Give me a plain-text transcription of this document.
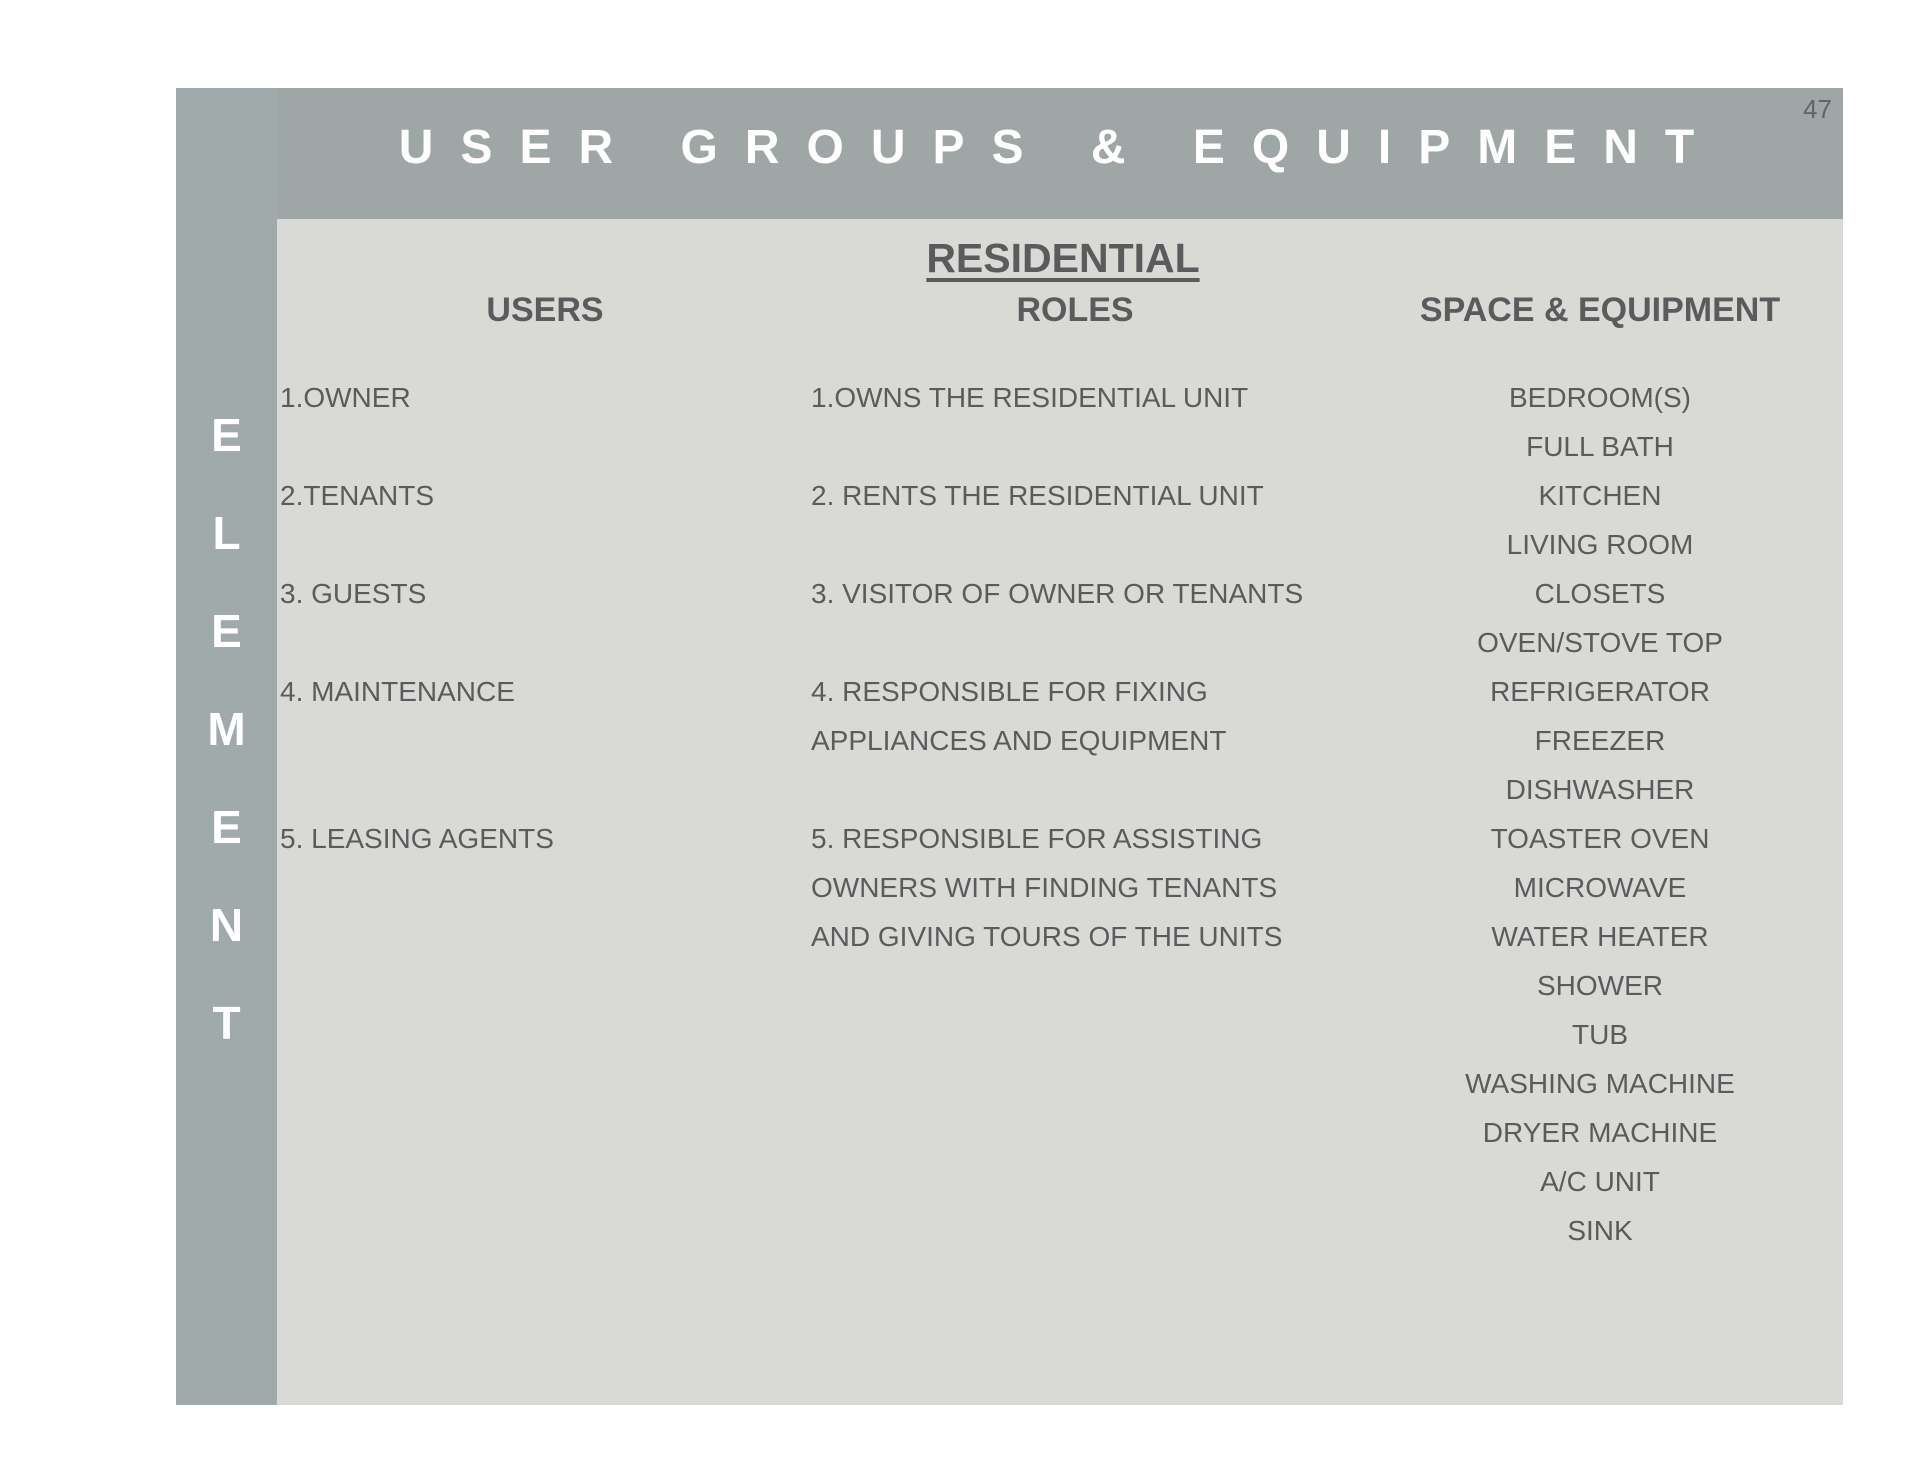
E
L
E
M
E
N
T
USER GROUPS & EQUIPMENT
47
RESIDENTIAL
USERS	ROLES	SPACE & EQUIPMENT
1.OWNER
2.TENANTS
3. GUESTS
4. MAINTENANCE
5. LEASING AGENTS
1.OWNS THE RESIDENTIAL UNIT
2. RENTS THE RESIDENTIAL UNIT
3. VISITOR OF OWNER OR TENANTS
4. RESPONSIBLE FOR FIXING
APPLIANCES AND EQUIPMENT
5. RESPONSIBLE FOR ASSISTING
OWNERS WITH FINDING TENANTS
AND GIVING TOURS OF THE UNITS
BEDROOM(S)
FULL BATH
KITCHEN
LIVING ROOM
CLOSETS
OVEN/STOVE TOP
REFRIGERATOR
FREEZER
DISHWASHER
TOASTER OVEN
MICROWAVE
WATER HEATER
SHOWER
TUB
WASHING MACHINE
DRYER MACHINE
A/C UNIT
SINK
